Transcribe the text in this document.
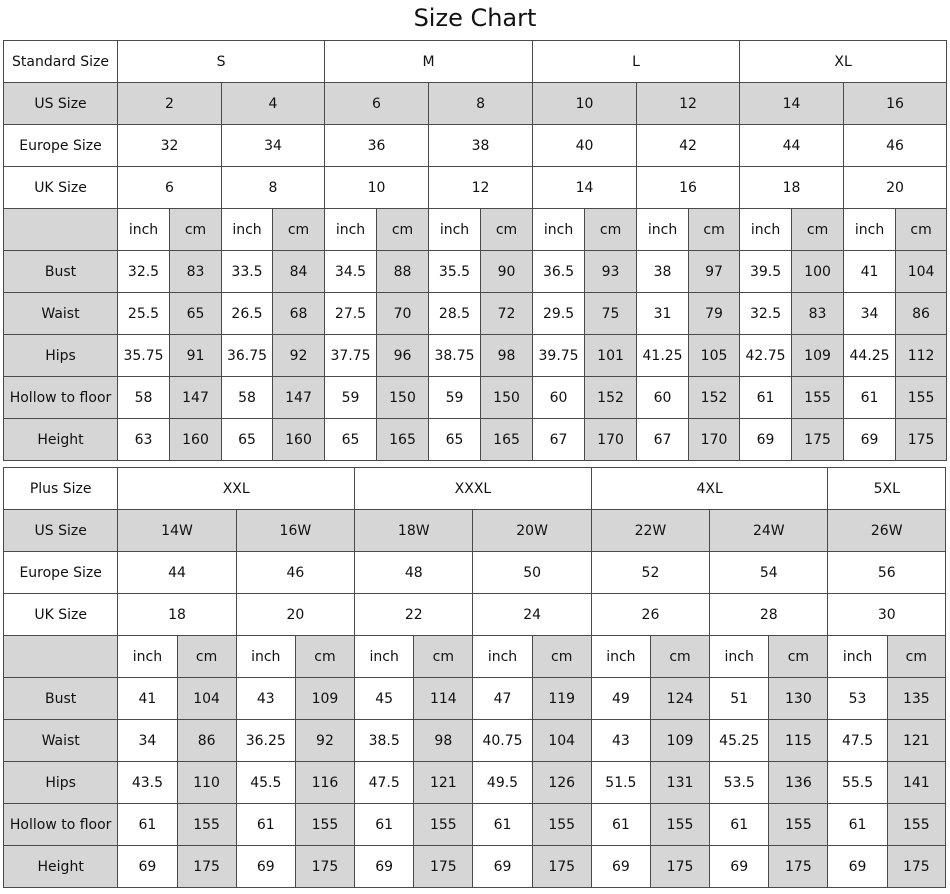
Size Chart
Standard Size	S				M				L				XL			
US Size	2		4		6		8		10		12		14		16	
Europe Size	32		34		36		38		40		42		44		46	
UK Size	6		8		10		12		14		16		18		20	
	inch	cm	inch	cm	inch	cm	inch	cm	inch	cm	inch	cm	inch	cm	inch	cm
Bust	32.5	83	33.5	84	34.5	88	35.5	90	36.5	93	38	97	39.5	100	41	104
Waist	25.5	65	26.5	68	27.5	70	28.5	72	29.5	75	31	79	32.5	83	34	86
Hips	35.75	91	36.75	92	37.75	96	38.75	98	39.75	101	41.25	105	42.75	109	44.25	112
Hollow to floor	58	147	58	147	59	150	59	150	60	152	60	152	61	155	61	155
Height	63	160	65	160	65	165	65	165	67	170	67	170	69	175	69	175
Plus Size	XXL				XXXL				4XL				5XL	
US Size	14W		16W		18W		20W		22W		24W		26W	
Europe Size	44		46		48		50		52		54		56	
UK Size	18		20		22		24		26		28		30	
	inch	cm	inch	cm	inch	cm	inch	cm	inch	cm	inch	cm	inch	cm
Bust	41	104	43	109	45	114	47	119	49	124	51	130	53	135
Waist	34	86	36.25	92	38.5	98	40.75	104	43	109	45.25	115	47.5	121
Hips	43.5	110	45.5	116	47.5	121	49.5	126	51.5	131	53.5	136	55.5	141
Hollow to floor	61	155	61	155	61	155	61	155	61	155	61	155	61	155
Height	69	175	69	175	69	175	69	175	69	175	69	175	69	175
